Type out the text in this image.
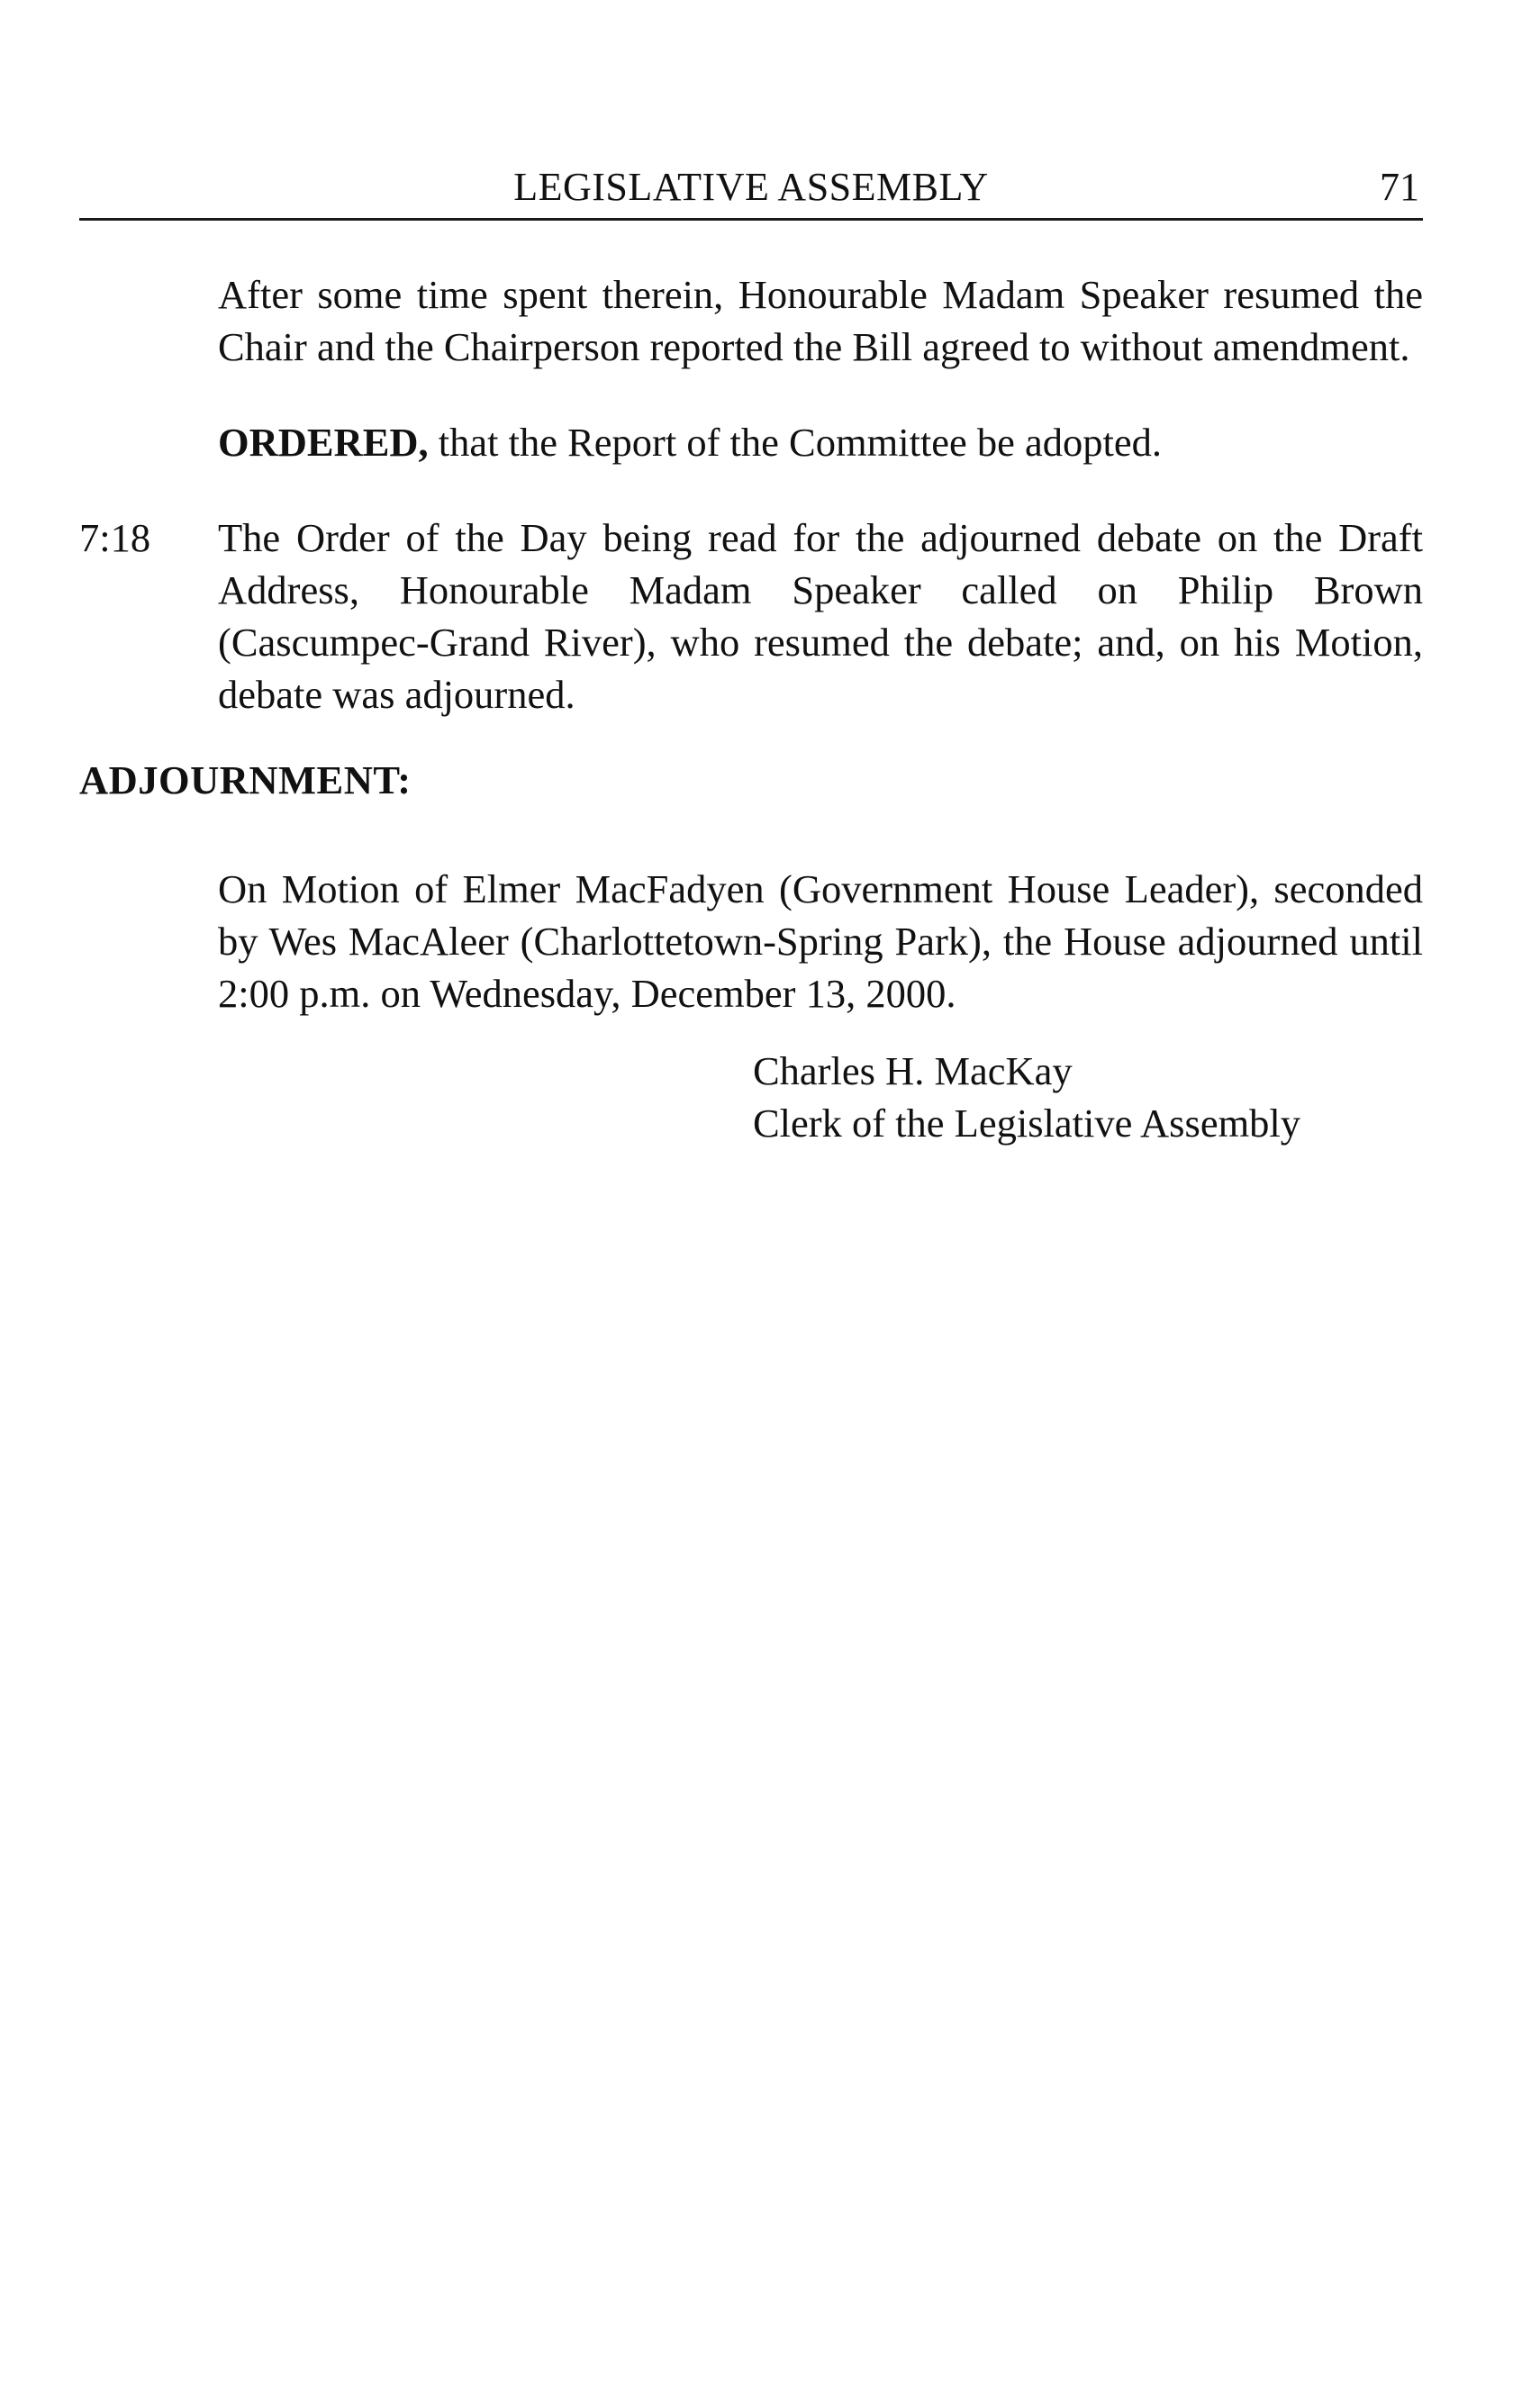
LEGISLATIVE ASSEMBLY	71

After some time spent therein, Honourable Madam Speaker resumed the Chair and the Chairperson reported the Bill agreed to without amendment.

ORDERED, that the Report of the Committee be adopted.

7:18 The Order of the Day being read for the adjourned debate on the Draft Address, Honourable Madam Speaker called on Philip Brown (Cascumpec-Grand River), who resumed the debate; and, on his Motion, debate was adjourned.

ADJOURNMENT:

On Motion of Elmer MacFadyen (Government House Leader), seconded by Wes MacAleer (Charlottetown-Spring Park), the House adjourned until 2:00 p.m. on Wednesday, December 13, 2000.

Charles H. MacKay
Clerk of the Legislative Assembly
